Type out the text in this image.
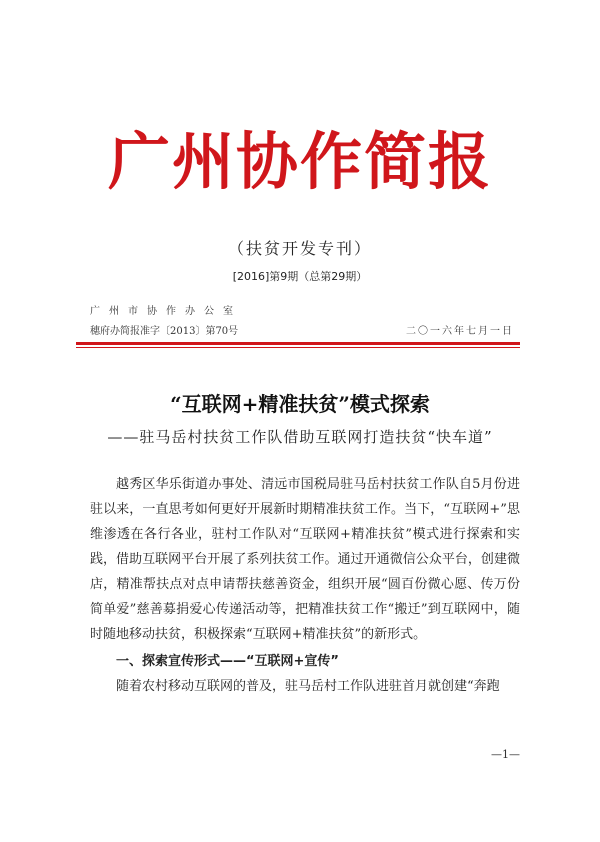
广州协作简报
（扶贫开发专刊）
[2016]第9期（总第29期）
广州市协作办公室
穗府办简报准字〔2013〕第70号	二〇一六年七月一日
“互联网+精准扶贫”模式探索
——驻马岳村扶贫工作队借助互联网打造扶贫“快车道”

越秀区华乐街道办事处、清远市国税局驻马岳村扶贫工作队自5月份进驻以来，一直思考如何更好开展新时期精准扶贫工作。当下，“互联网+”思维渗透在各行各业，驻村工作队对“互联网+精准扶贫”模式进行探索和实践，借助互联网平台开展了系列扶贫工作。通过开通微信公众平台，创建微店，精准帮扶点对点申请帮扶慈善资金，组织开展“圆百份微心愿、传万份简单爱”慈善募捐爱心传递活动等，把精准扶贫工作“搬迁”到互联网中，随时随地移动扶贫，积极探索“互联网+精准扶贫”的新形式。

一、探索宣传形式——“互联网+宣传”

随着农村移动互联网的普及，驻马岳村工作队进驻首月就创建“奔跑

—1—
